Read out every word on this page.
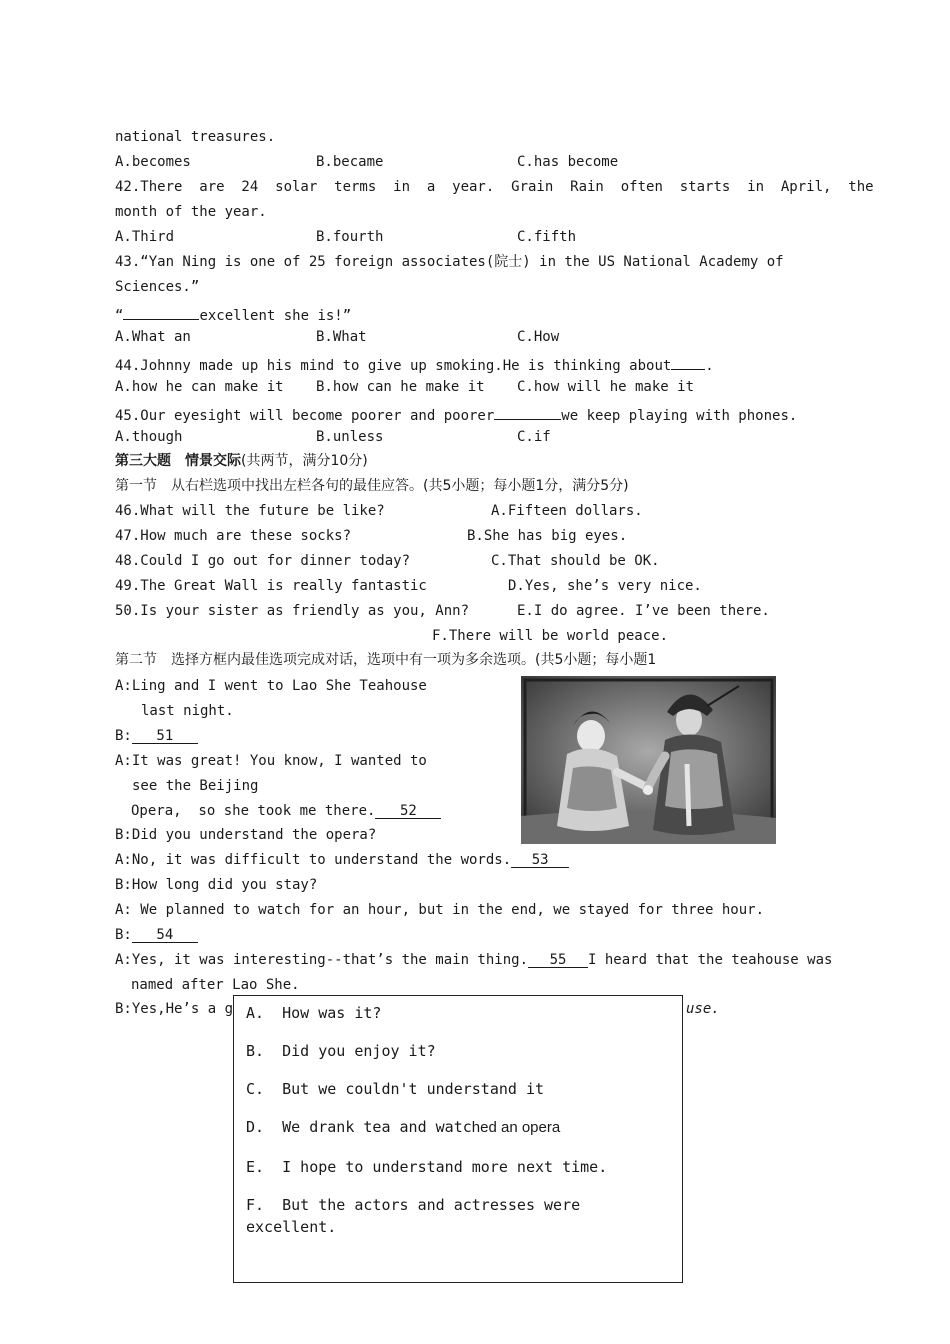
national treasures.
A.becomes	B.became	C.has become
42.There  are  24  solar  terms  in  a  year.  Grain  Rain  often  starts  in  April,  the
month of the year.
A.Third	B.fourth	C.fifth
43.“Yan Ning is one of 25 foreign associates(院士) in the US National Academy of
Sciences.”
“	excellent she is!”
A.What an	B.What	C.How
44.Johnny made up his mind to give up smoking.He is thinking about .
A.how he can make it B.how can he make it C.how will he make it
45.Our eyesight will become poorer and poorer	we keep playing with phones.
A.though	B.unless	C.if
第三大题　情景交际(共两节，满分10分)
第一节　从右栏选项中找出左栏各句的最佳应答。(共5小题；每小题1分，满分5分)
46.What will the future be like?	A.Fifteen dollars.
47.How much are these socks?	B.She has big eyes.
48.Could I go out for dinner today?	C.That should be OK.
49.The Great Wall is really fantastic	D.Yes, she’s very nice.
50.Is your sister as friendly as you, Ann?	E.I do agree. I’ve been there.
F.There will be world peace.
第二节　选择方框内最佳选项完成对话，选项中有一项为多余选项。(共5小题；每小题1
A:Ling and I went to Lao She Teahouse
last night.
B: 51
A:It was great! You know, I wanted to
see the Beijing
Opera,  so she took me there. 52
B:Did you understand the opera?
A:No, it was difficult to understand the words. 53
B:How long did you stay?
A: We planned to watch for an hour, but in the end, we stayed for three hour.
B: 54
A:Yes, it was interesting--that’s the main thing. 55 I heard that the teahouse was
named after Lao She.
B:Yes,He’s a g	use.
A.  How was it?
B.  Did you enjoy it?
C.  But we couldn't understand it
D.  We drank tea and watched an opera
E.  I hope to understand more next time.
F.  But the actors and actresses were
excellent.
